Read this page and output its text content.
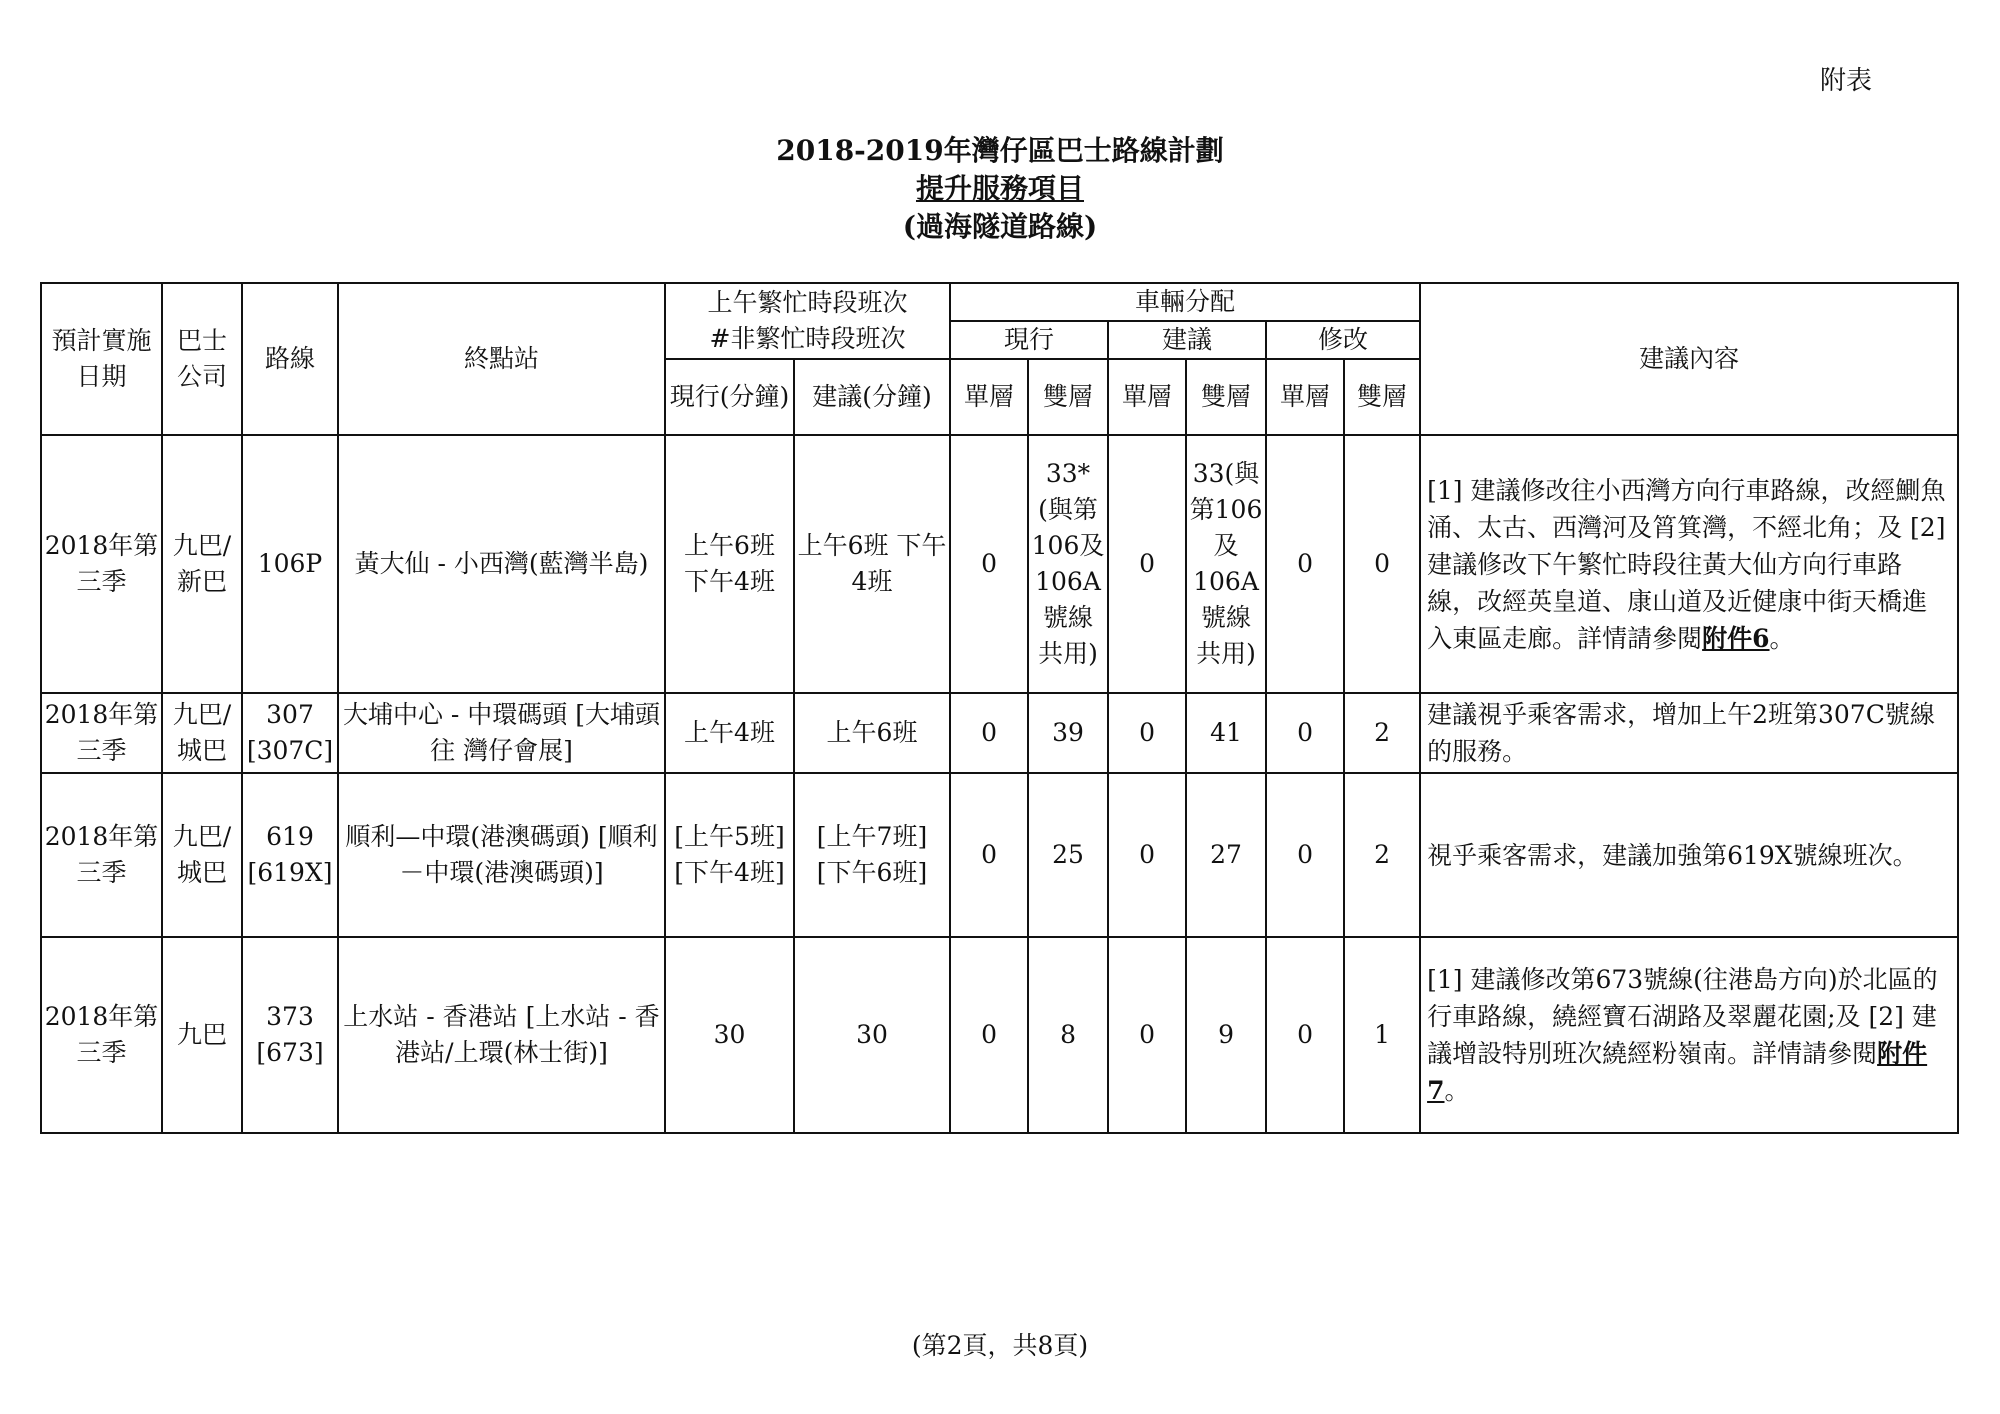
附表
2018-2019年灣仔區巴士路線計劃
提升服務項目
(過海隧道路線)
預計實施日期	巴士公司	路線	終點站	上午繁忙時段班次
#非繁忙時段班次		車輛分配						建議內容
						現行		建議		修改		
				現行(分鐘)	建議(分鐘)	單層	雙層	單層	雙層	單層	雙層	
2018年第三季	九巴/新巴	106P	黃大仙 - 小西灣(藍灣半島)	上午6班 下午4班	上午6班 下午4班	0	33*(與第106及106A號線共用)	0	33(與第106及106A號線共用)	0	0	[1] 建議修改往小西灣方向行車路線，改經鰂魚涌、太古、西灣河及筲箕灣，不經北角；及 [2] 建議修改下午繁忙時段往黃大仙方向行車路線，改經英皇道、康山道及近健康中街天橋進入東區走廊。詳情請參閱附件6。
2018年第三季	九巴/城巴	307 [307C]	大埔中心 - 中環碼頭 [大埔頭 往 灣仔會展]	上午4班	上午6班	0	39	0	41	0	2	建議視乎乘客需求，增加上午2班第307C號線的服務。
2018年第三季	九巴/城巴	619 [619X]	順利—中環(港澳碼頭) [順利－中環(港澳碼頭)]	[上午5班] [下午4班]	[上午7班] [下午6班]	0	25	0	27	0	2	視乎乘客需求，建議加強第619X號線班次。
2018年第三季	九巴	373 [673]	上水站 - 香港站 [上水站 - 香港站/上環(林士街)]	30	30	0	8	0	9	0	1	[1] 建議修改第673號線(往港島方向)於北區的行車路線，繞經寶石湖路及翠麗花園;及 [2] 建議增設特別班次繞經粉嶺南。詳情請參閱附件7。
(第2頁，共8頁)
